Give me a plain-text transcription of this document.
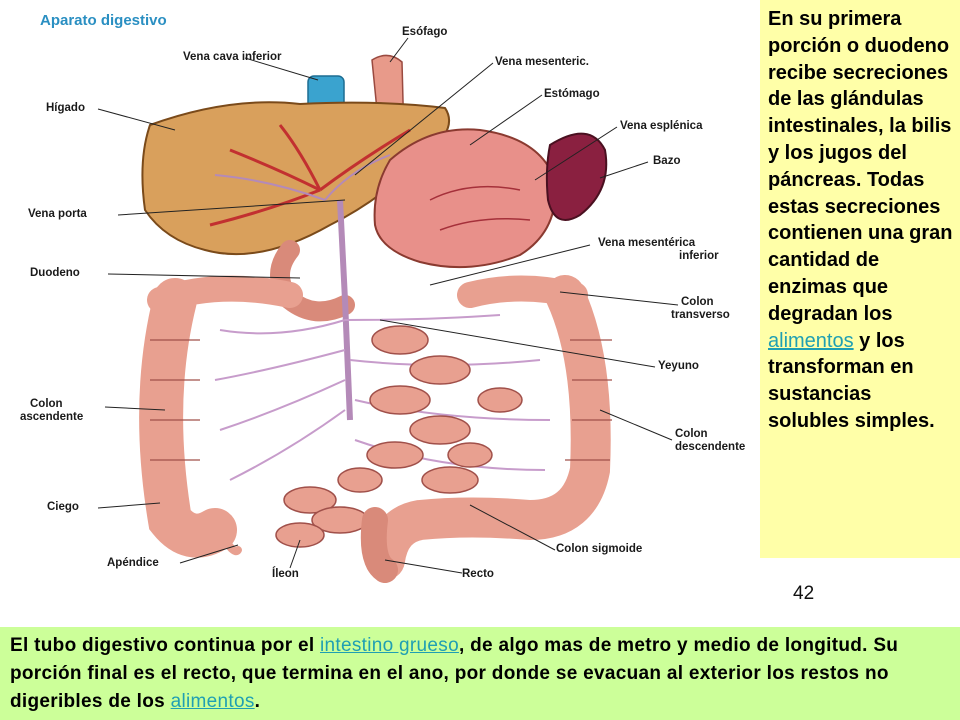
Aparato digestivo
Esófago
Vena cava inferior	Vena mesenteric.
Hígado
Estómago
Vena esplénica
Bazo
Vena porta
Vena mesentérica
inferior
Duodeno
Colon
transverso
Yeyuno
Colon
ascendente
Colon
descendente
Ciego
Apéndice
Íleon	Recto
Colon sigmoide
En su primera porción o duodeno recibe secreciones de las glándulas intestinales, la bilis y los jugos del páncreas. Todas estas secreciones contienen una gran cantidad de enzimas que degradan los alimentos y los transforman en sustancias solubles simples.
42
El tubo digestivo continua por el intestino grueso, de algo mas de metro y medio de longitud. Su porción final es el recto, que termina en el ano, por donde se evacuan al exterior los restos no digeribles de los alimentos.
